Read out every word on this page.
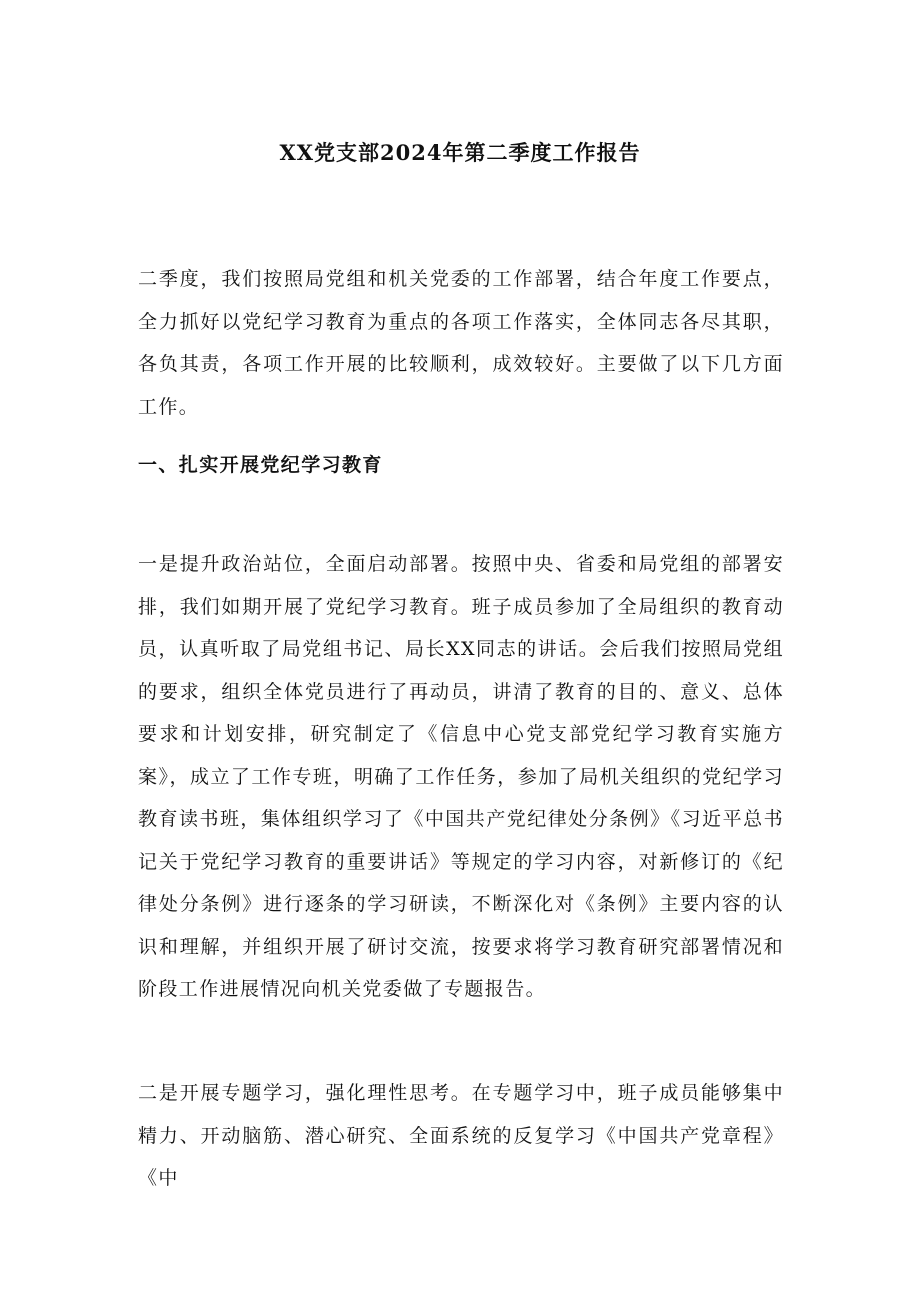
XX党支部2024年第二季度工作报告

二季度，我们按照局党组和机关党委的工作部署，结合年度工作要点，全力抓好以党纪学习教育为重点的各项工作落实，全体同志各尽其职，各负其责，各项工作开展的比较顺利，成效较好。主要做了以下几方面工作。

一、扎实开展党纪学习教育

一是提升政治站位，全面启动部署。按照中央、省委和局党组的部署安排，我们如期开展了党纪学习教育。班子成员参加了全局组织的教育动员，认真听取了局党组书记、局长XX同志的讲话。会后我们按照局党组的要求，组织全体党员进行了再动员，讲清了教育的目的、意义、总体要求和计划安排，研究制定了《信息中心党支部党纪学习教育实施方案》，成立了工作专班，明确了工作任务，参加了局机关组织的党纪学习教育读书班，集体组织学习了《中国共产党纪律处分条例》《习近平总书记关于党纪学习教育的重要讲话》等规定的学习内容，对新修订的《纪律处分条例》进行逐条的学习研读，不断深化对《条例》主要内容的认识和理解，并组织开展了研讨交流，按要求将学习教育研究部署情况和阶段工作进展情况向机关党委做了专题报告。

二是开展专题学习，强化理性思考。在专题学习中，班子成员能够集中精力、开动脑筋、潜心研究、全面系统的反复学习《中国共产党章程》《中
